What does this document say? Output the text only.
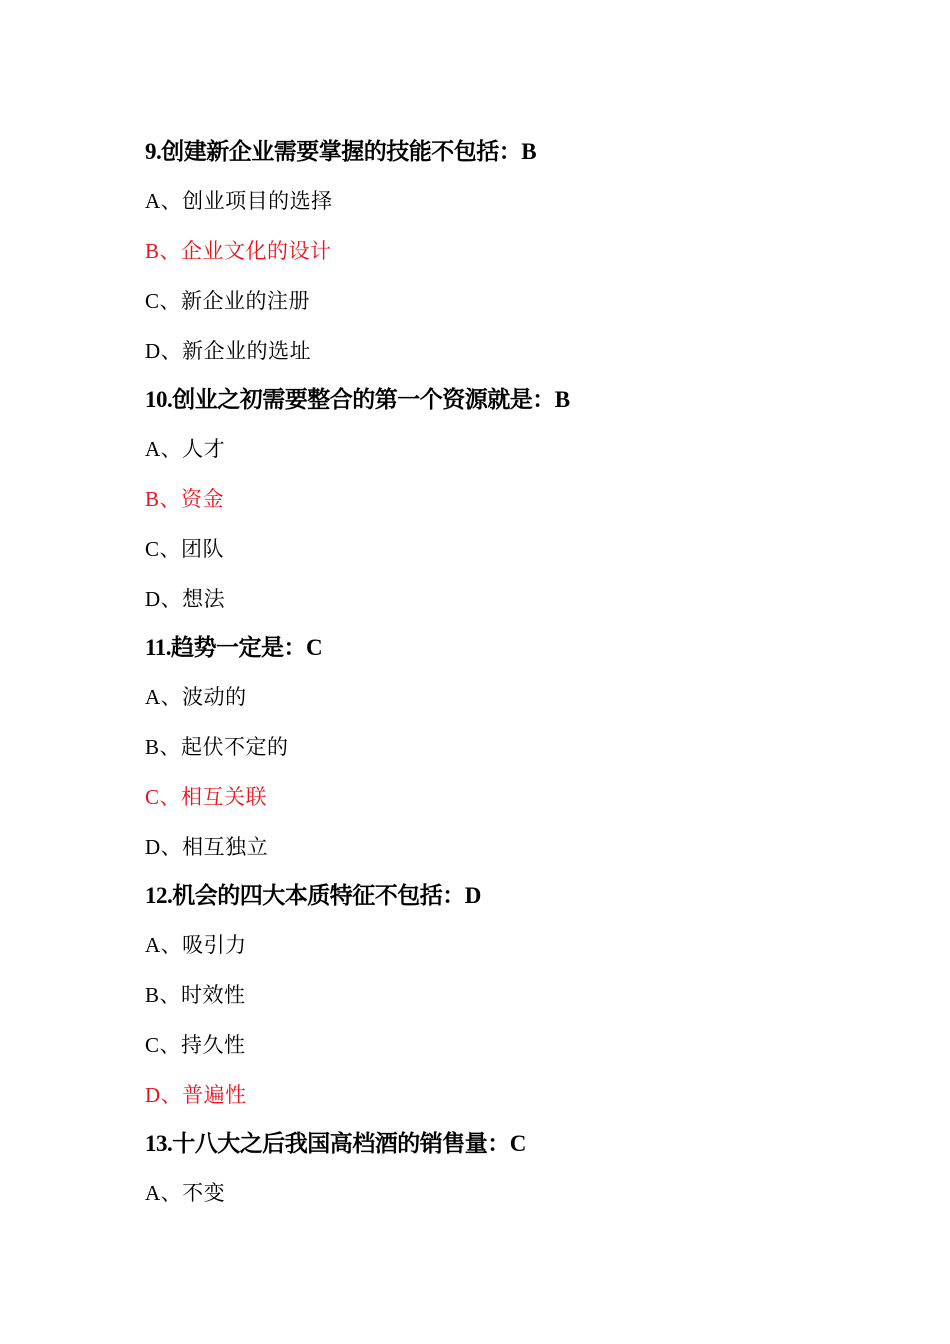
9.创建新企业需要掌握的技能不包括：B
A、创业项目的选择
B、企业文化的设计
C、新企业的注册
D、新企业的选址
10.创业之初需要整合的第一个资源就是：B
A、人才
B、资金
C、团队
D、想法
11.趋势一定是：C
A、波动的
B、起伏不定的
C、相互关联
D、相互独立
12.机会的四大本质特征不包括：D
A、吸引力
B、时效性
C、持久性
D、普遍性
13.十八大之后我国高档酒的销售量：C
A、不变
